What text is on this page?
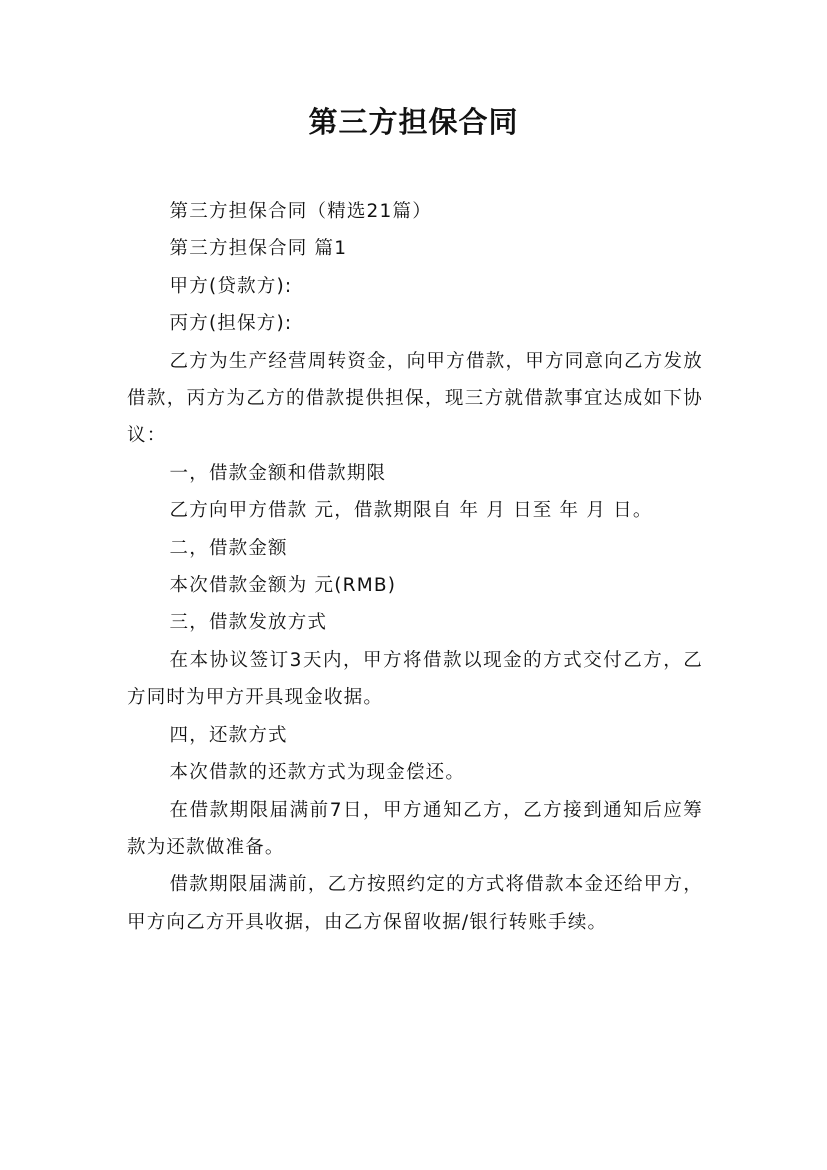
第三方担保合同

第三方担保合同（精选21篇）

第三方担保合同 篇1

甲方(贷款方):

丙方(担保方):

乙方为生产经营周转资金，向甲方借款，甲方同意向乙方发放借款，丙方为乙方的借款提供担保，现三方就借款事宜达成如下协议：

一，借款金额和借款期限

乙方向甲方借款 元，借款期限自 年 月 日至 年 月 日。

二，借款金额

本次借款金额为 元(RMB)

三，借款发放方式

在本协议签订3天内，甲方将借款以现金的方式交付乙方，乙方同时为甲方开具现金收据。

四，还款方式

本次借款的还款方式为现金偿还。

在借款期限届满前7日，甲方通知乙方，乙方接到通知后应筹款为还款做准备。

借款期限届满前，乙方按照约定的方式将借款本金还给甲方，甲方向乙方开具收据，由乙方保留收据/银行转账手续。
